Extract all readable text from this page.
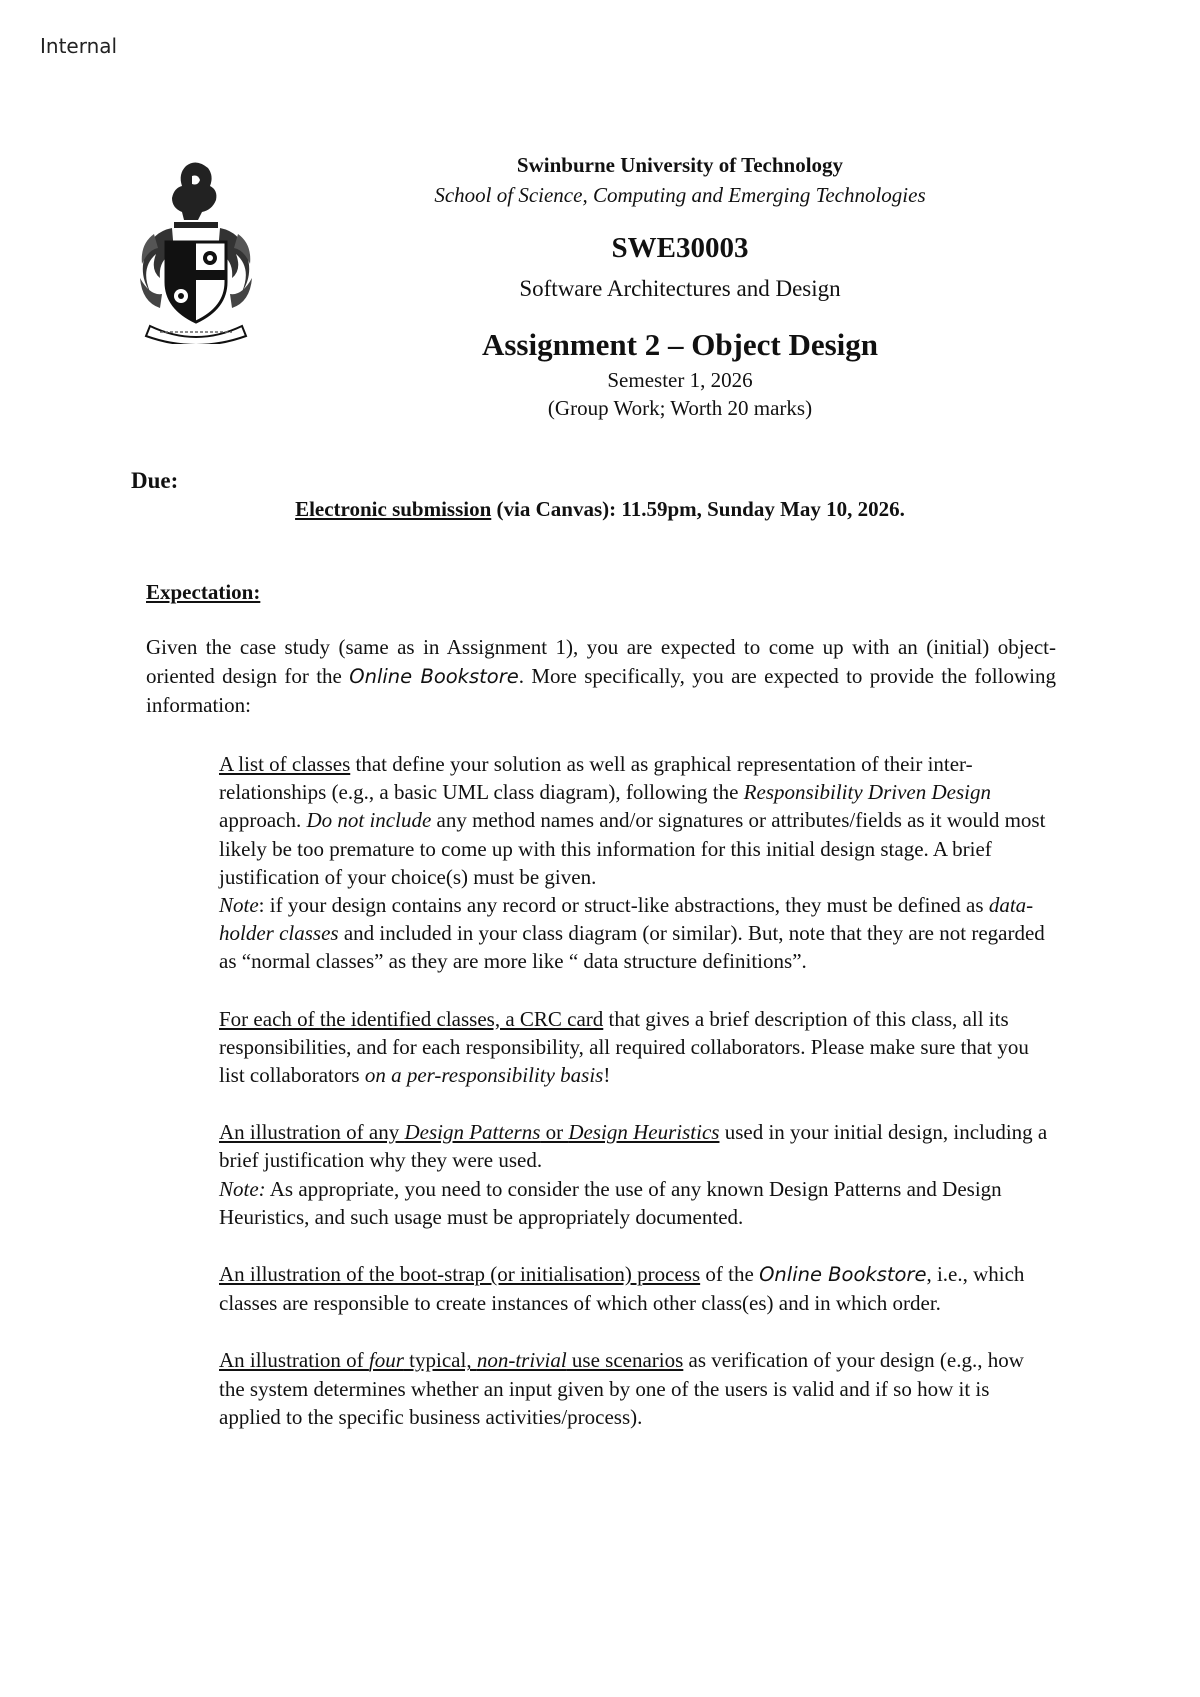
Internal
Swinburne University of Technology
School of Science, Computing and Emerging Technologies
SWE30003
Software Architectures and Design
Assignment 2 – Object Design
Semester 1, 2026
(Group Work; Worth 20 marks)
Due:
Electronic submission (via Canvas): 11.59pm, Sunday May 10, 2026.
Expectation:
Given the case study (same as in Assignment 1), you are expected to come up with an (initial) object-oriented design for the Online Bookstore. More specifically, you are expected to provide the following information:

A list of classes that define your solution as well as graphical representation of their inter-relationships (e.g., a basic UML class diagram), following the Responsibility Driven Design approach. Do not include any method names and/or signatures or attributes/fields as it would most likely be too premature to come up with this information for this initial design stage. A brief justification of your choice(s) must be given.

Note: if your design contains any record or struct-like abstractions, they must be defined as data-holder classes and included in your class diagram (or similar). But, note that they are not regarded as “normal classes” as they are more like “ data structure definitions”.

For each of the identified classes, a CRC card that gives a brief description of this class, all its responsibilities, and for each responsibility, all required collaborators. Please make sure that you list collaborators on a per-responsibility basis!

An illustration of any Design Patterns or Design Heuristics used in your initial design, including a brief justification why they were used.

Note: As appropriate, you need to consider the use of any known Design Patterns and Design Heuristics, and such usage must be appropriately documented.

An illustration of the boot-strap (or initialisation) process of the Online Bookstore, i.e., which classes are responsible to create instances of which other class(es) and in which order.

An illustration of four typical, non-trivial use scenarios as verification of your design (e.g., how the system determines whether an input given by one of the users is valid and if so how it is applied to the specific business activities/process).
